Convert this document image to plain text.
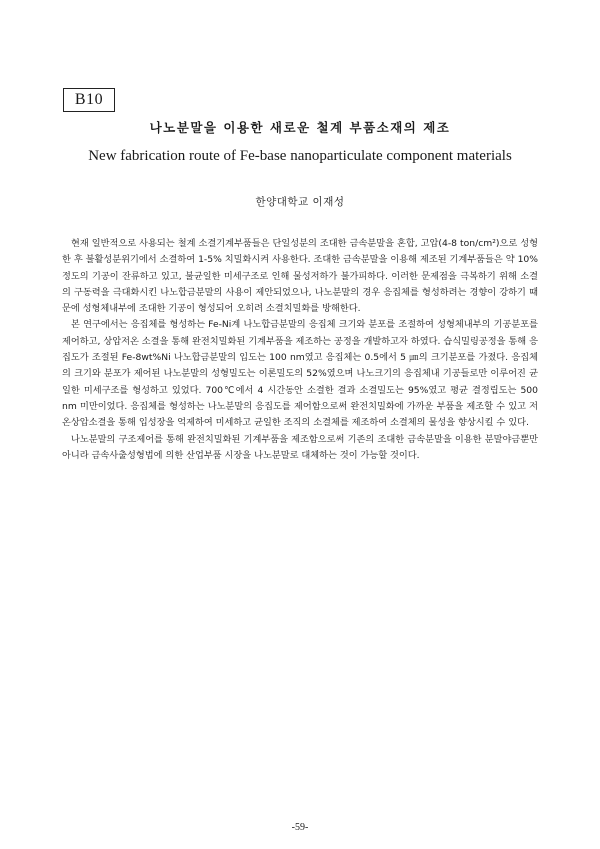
B10
나노분말을 이용한 새로운 철계 부품소재의 제조
New fabrication route of Fe-base nanoparticulate component materials
한양대학교 이재성

현재 일반적으로 사용되는 철계 소결기계부품들은 단일성분의 조대한 금속분말을 혼합, 고압(4-8 ton/cm²)으로 성형 한 후 불활성분위기에서 소결하여 1-5% 치밀화시켜 사용한다. 조대한 금속분말을 이용해 제조된 기계부품들은 약 10% 정도의 기공이 잔류하고 있고, 불균일한 미세구조로 인해 물성저하가 불가피하다. 이러한 문제점을 극복하기 위해 소결의 구동력을 극대화시킨 나노합금분말의 사용이 제안되었으나, 나노분말의 경우 응집체를 형성하려는 경향이 강하기 때문에 성형체내부에 조대한 기공이 형성되어 오히려 소결치밀화를 방해한다.

본 연구에서는 응집체를 형성하는 Fe-Ni계 나노합금분말의 응집체 크기와 분포를 조절하여 성형체내부의 기공분포를 제어하고, 상압저온 소결을 통해 완전치밀화된 기계부품을 제조하는 공정을 개발하고자 하였다. 습식밀링공정을 통해 응집도가 조절된 Fe-8wt%Ni 나노합금분말의 입도는 100 nm였고 응집체는 0.5에서 5 ㎛의 크기분포를 가졌다. 응집체의 크기와 분포가 제어된 나노분말의 성형밀도는 이론밀도의 52%였으며 나노크기의 응집체내 기공들로만 이루어진 균일한 미세구조를 형성하고 있었다. 700℃에서 4 시간동안 소결한 결과 소결밀도는 95%였고 평균 결정립도는 500 nm 미만이었다. 응집체를 형성하는 나노분말의 응집도를 제어함으로써 완전치밀화에 가까운 부품을 제조할 수 있고 저온상압소결을 통해 입성장을 억제하여 미세하고 균일한 조직의 소결체를 제조하여 소결체의 물성을 향상시킬 수 있다.

나노분말의 구조제어를 통해 완전치밀화된 기계부품을 제조함으로써 기존의 조대한 금속분말을 이용한 분말야금뿐만 아니라 금속사출성형법에 의한 산업부품 시장을 나노분말로 대체하는 것이 가능할 것이다.

-59-
